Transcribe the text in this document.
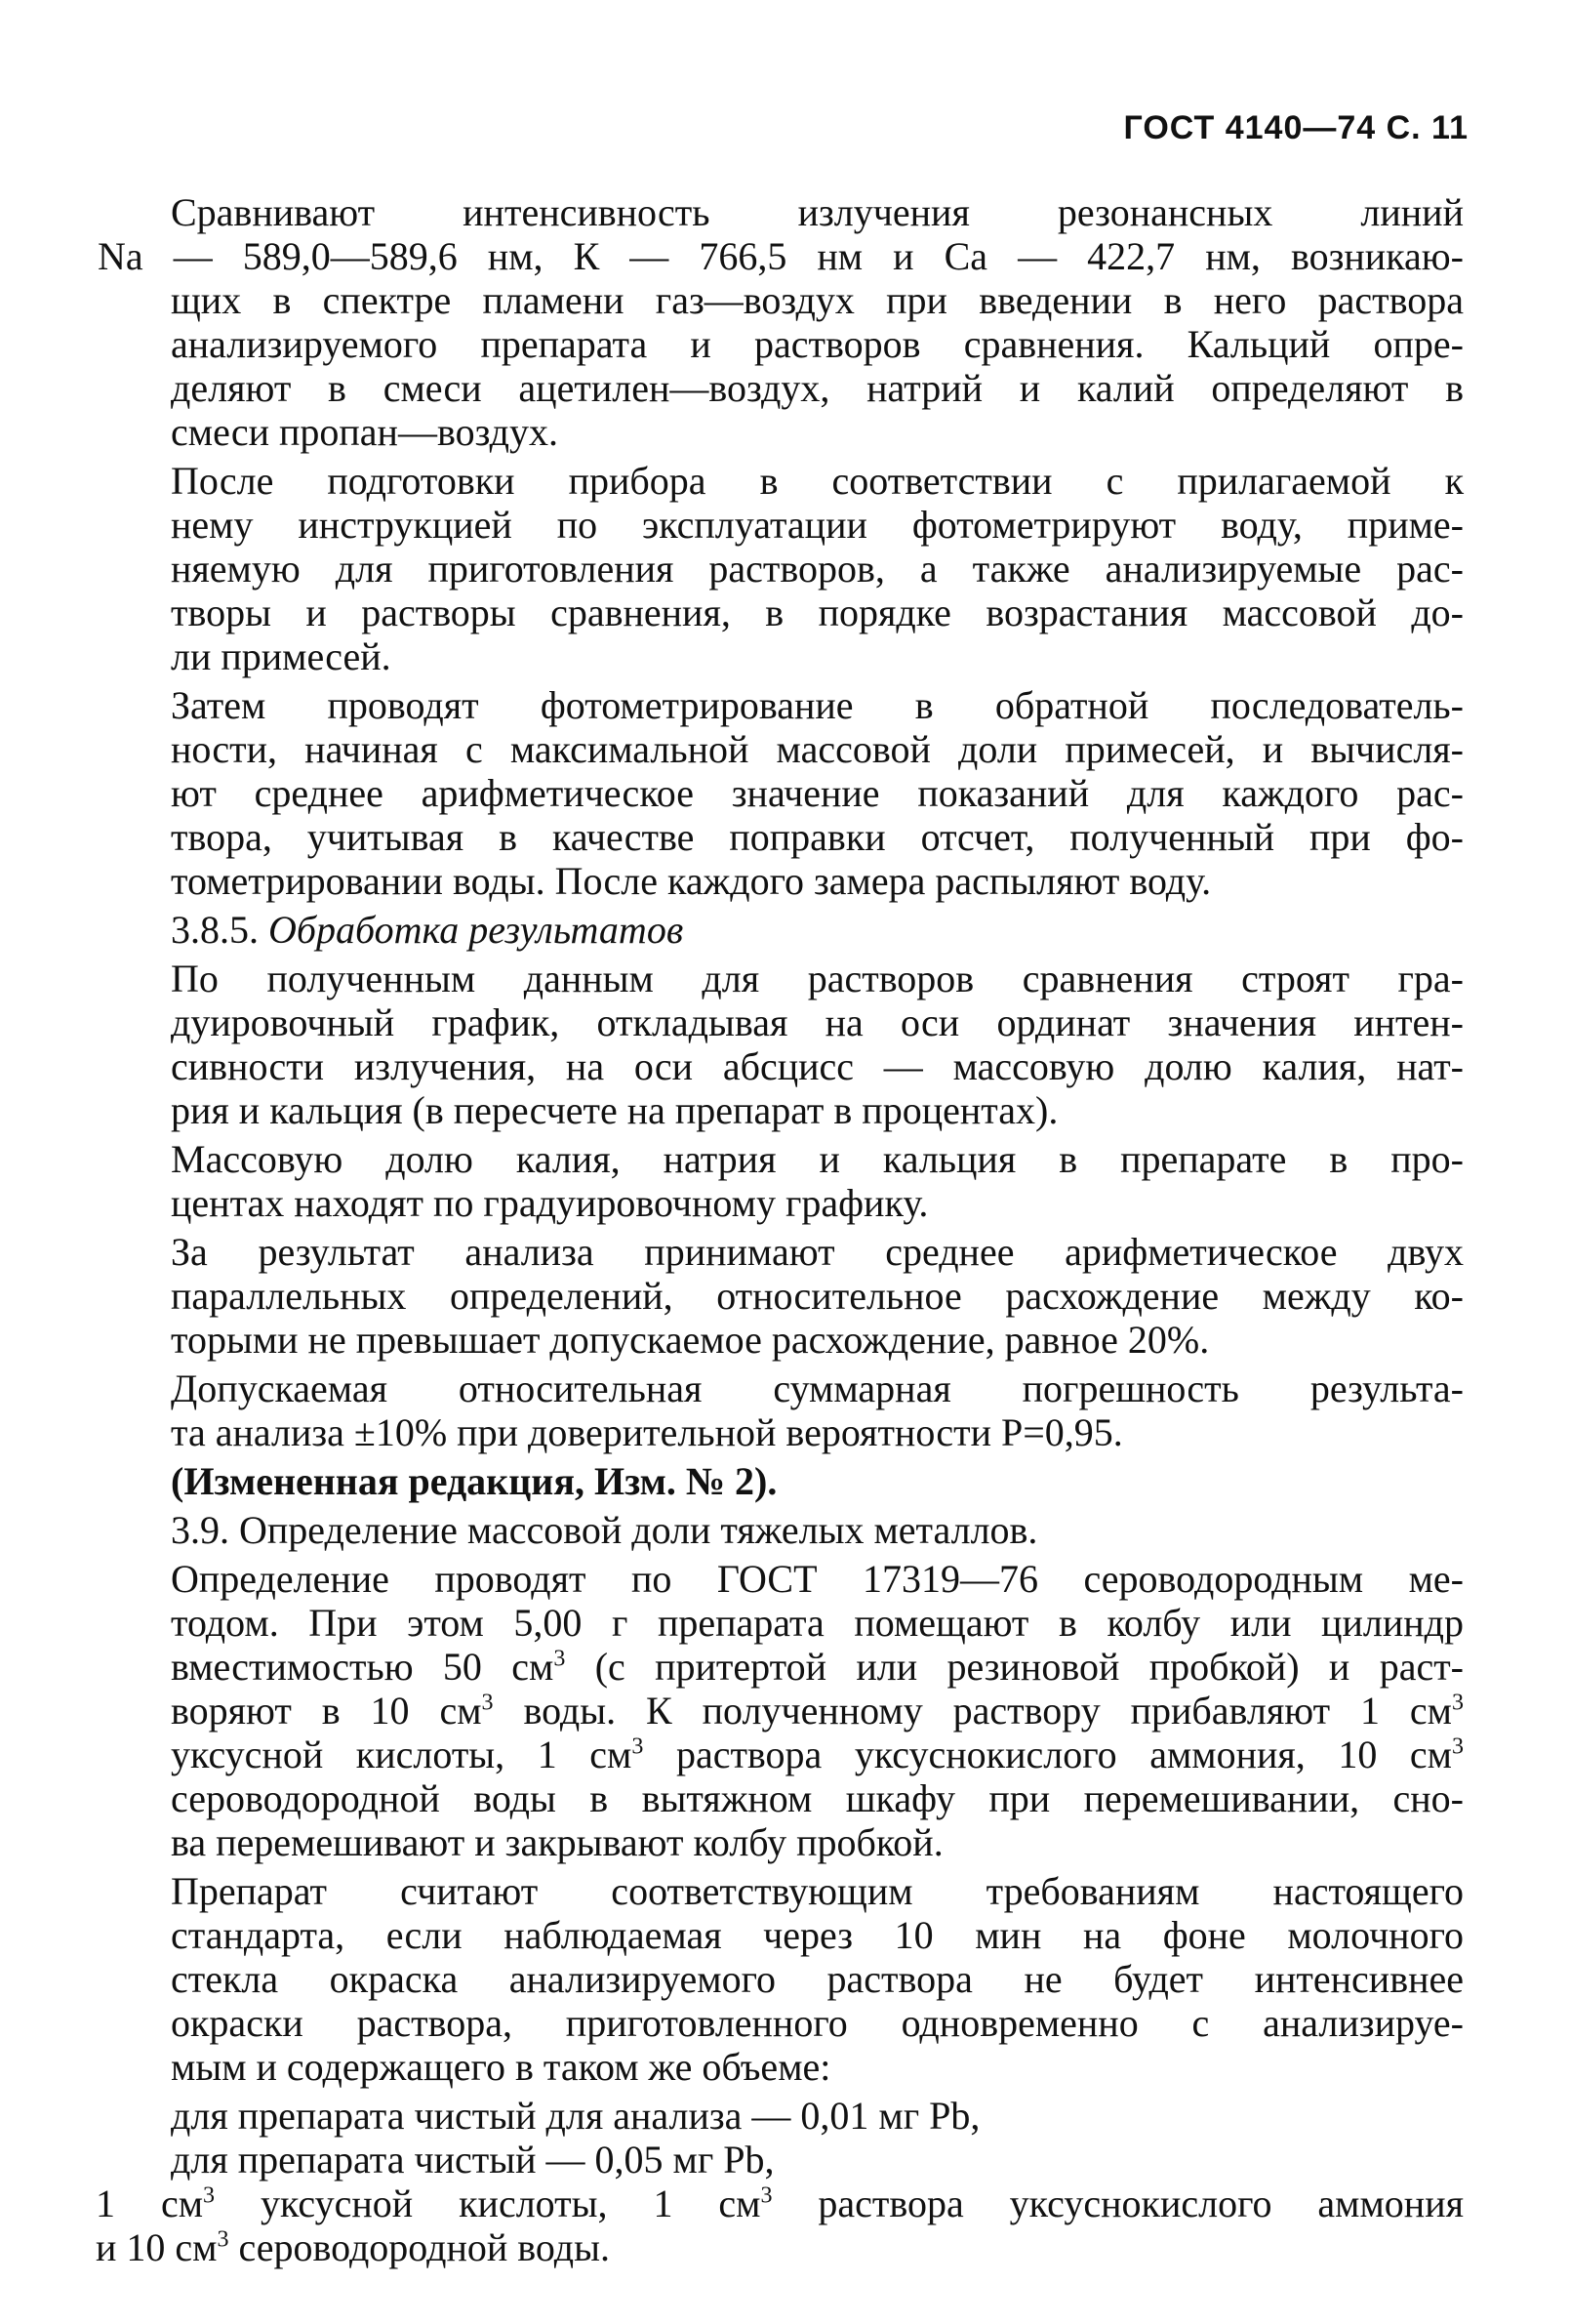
ГОСТ 4140—74 С. 11

Сравнивают интенсивность излучения резонансных линий
Na — 589,0—589,6 нм, К — 766,5 нм и Са — 422,7 нм, возникаю-
щих в спектре пламени газ—воздух при введении в него раствора
анализируемого препарата и растворов сравнения. Кальций опре-
деляют в смеси ацетилен—воздух, натрий и калий определяют в
смеси пропан—воздух.

После подготовки прибора в соответствии с прилагаемой к
нему инструкцией по эксплуатации фотометрируют воду, приме-
няемую для приготовления растворов, а также анализируемые рас-
творы и растворы сравнения, в порядке возрастания массовой до-
ли примесей.

Затем проводят фотометрирование в обратной последователь-
ности, начиная с максимальной массовой доли примесей, и вычисля-
ют среднее арифметическое значение показаний для каждого рас-
твора, учитывая в качестве поправки отсчет, полученный при фо-
тометрировании воды. После каждого замера распыляют воду.

3.8.5. Обработка результатов

По полученным данным для растворов сравнения строят гра-
дуировочный график, откладывая на оси ординат значения интен-
сивности излучения, на оси абсцисс — массовую долю калия, нат-
рия и кальция (в пересчете на препарат в процентах).

Массовую долю калия, натрия и кальция в препарате в про-
центах находят по градуировочному графику.

За результат анализа принимают среднее арифметическое двух
параллельных определений, относительное расхождение между ко-
торыми не превышает допускаемое расхождение, равное 20%.

Допускаемая относительная суммарная погрешность результа-
та анализа ±10% при доверительной вероятности P=0,95.

(Измененная редакция, Изм. № 2).

3.9. Определение массовой доли тяжелых металлов.

Определение проводят по ГОСТ 17319—76 сероводородным ме-
тодом. При этом 5,00 г препарата помещают в колбу или цилиндр
вместимостью 50 $см^3$ (с притертой или резиновой пробкой) и раст-
воряют в 10 $см^3$ воды. К полученному раствору прибавляют 1 $см^3$
уксусной кислоты, 1 $см^3$ раствора уксуснокислого аммония, 10 $см^3$
сероводородной воды в вытяжном шкафу при перемешивании, сно-
ва перемешивают и закрывают колбу пробкой.

Препарат считают соответствующим требованиям настоящего
стандарта, если наблюдаемая через 10 мин на фоне молочного
стекла окраска анализируемого раствора не будет интенсивнее
окраски раствора, приготовленного одновременно с анализируе-
мым и содержащего в таком же объеме:

для препарата чистый для анализа — 0,01 мг Pb,

для препарата чистый — 0,05 мг Pb,

1 $см^3$ уксусной кислоты, 1 $см^3$ раствора уксуснокислого аммония
и 10 $см^3$ сероводородной воды.
